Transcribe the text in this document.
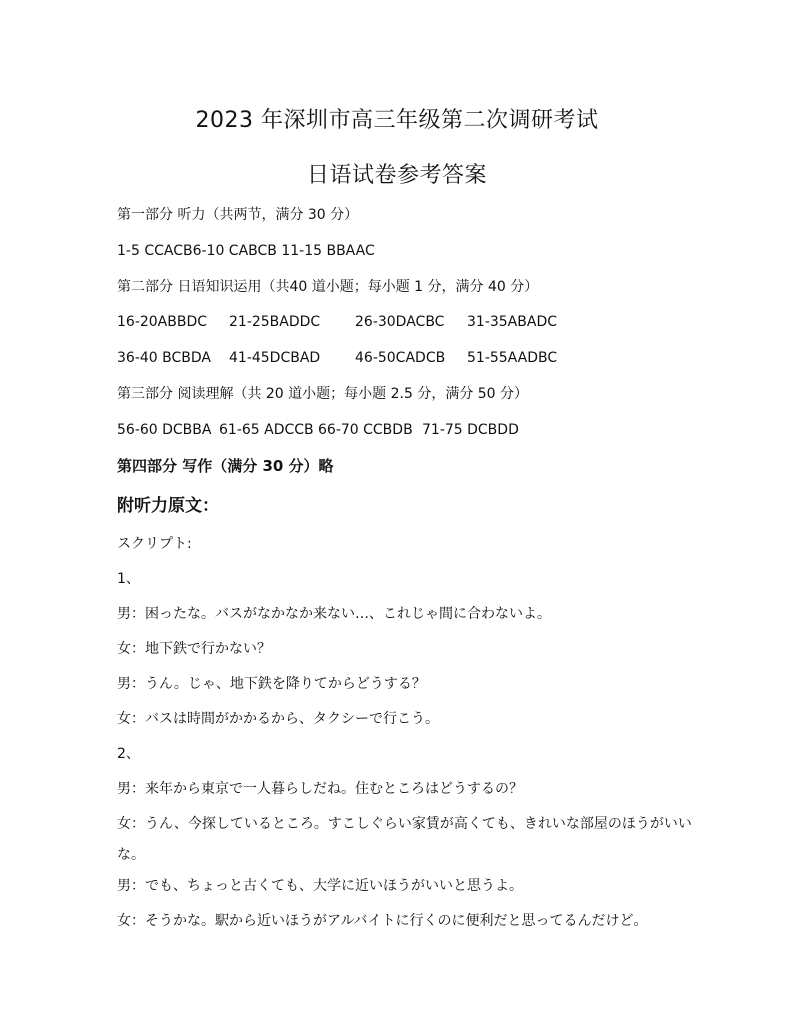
2023 年深圳市高三年级第二次调研考试
日语试卷参考答案
第一部分 听力（共两节，满分 30 分）
1-5 CCACB6-10 CABCB 11-15 BBAAC
第二部分 日语知识运用（共40 道小题；每小题 1 分，满分 40 分）
16-20ABBDC 21-25BADDC 26-30DACBC 31-35ABADC
36-40 BCBDA 41-45DCBAD 46-50CADCB 51-55AADBC
第三部分 阅读理解（共 20 道小题；每小题 2.5 分，满分 50 分）
56-60 DCBBA 61-65 ADCCB 66-70 CCBDB 71-75 DCBDD
第四部分 写作（满分 30 分）略
附听力原文：
スクリプト:
1、
男：困ったな。バスがなかなか来ない…、これじゃ間に合わないよ。
女：地下鉄で行かない？
男：うん。じゃ、地下鉄を降りてからどうする？
女：バスは時間がかかるから、タクシーで行こう。
2、
男：来年から東京で一人暮らしだね。住むところはどうするの？
女：うん、今探しているところ。すこしぐらい家賃が高くても、きれいな部屋のほうがいいな。
男：でも、ちょっと古くても、大学に近いほうがいいと思うよ。
女：そうかな。駅から近いほうがアルバイトに行くのに便利だと思ってるんだけど。
